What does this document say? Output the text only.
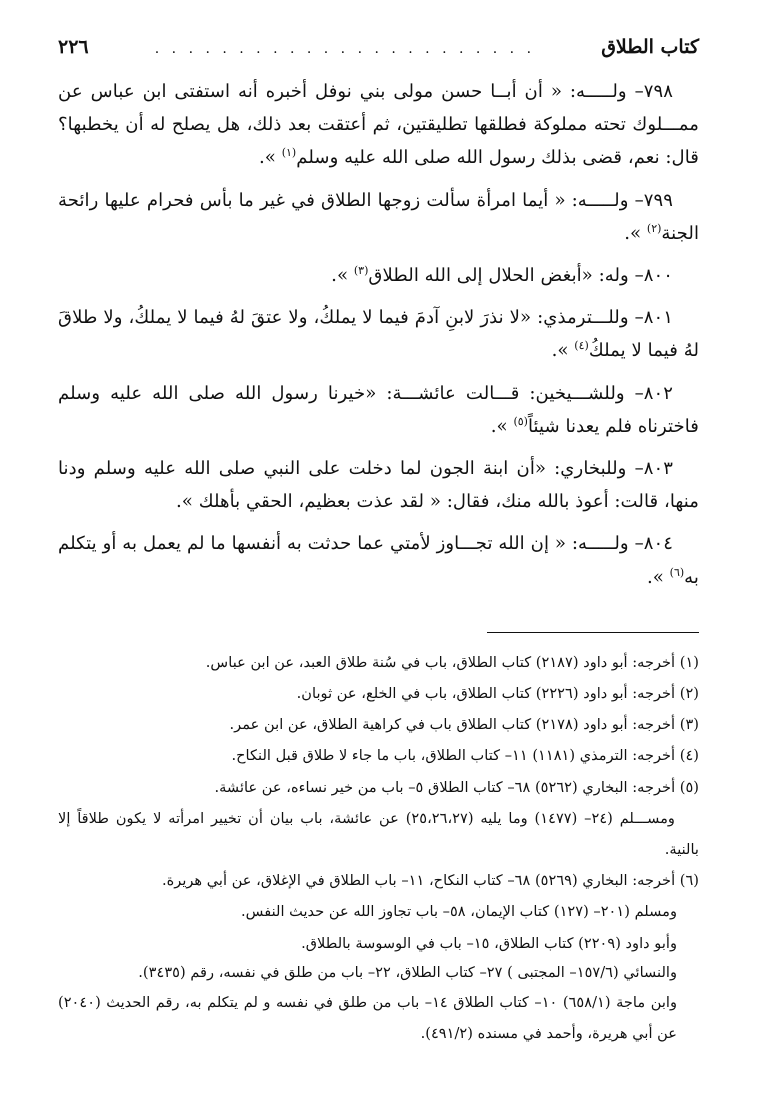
كتاب الطلاق
. . . . . . . . . . . . . . . . . . . . . . .
٢٢٦

٧٩٨– ولـــــه: « أن أبــا حسن مولى بني نوفل أخبره أنه استفتى ابن عباس عن ممـــلوك تحته مملوكة فطلقها تطليقتين، ثم أعتقت بعد ذلك، هل يصلح له أن يخطبها؟ قال: نعم، قضى بذلك رسول الله صلى الله عليه وسلم$^{(١)}$ ».

٧٩٩– ولـــــه: « أيما امرأة سألت زوجها الطلاق في غير ما بأس فحرام عليها رائحة الجنة$^{(٢)}$ ».

٨٠٠– وله: «أبغض الحلال إلى الله الطلاق$^{(٣)}$ ».

٨٠١– وللـــترمذي: «لا نذرَ لابنِ آدمَ فيما لا يملكُ، ولا عتقَ لهُ فيما لا يملكُ، ولا طلاقَ لهُ فيما لا يملكُ$^{(٤)}$ ».

٨٠٢– وللشـــيخين: قـــالت عائشـــة: «خيرنا رسول الله صلى الله عليه وسلم فاخترناه فلم يعدنا شيئاً$^{(٥)}$ ».

٨٠٣– وللبخاري: «أن ابنة الجون لما دخلت على النبي صلى الله عليه وسلم ودنا منها، قالت: أعوذ بالله منك، فقال: « لقد عذت بعظيم، الحقي بأهلك ».

٨٠٤– ولـــــه: « إن الله تجـــاوز لأمتي عما حدثت به أنفسها ما لم يعمل به أو يتكلم به$^{(٦)}$ ».

(١) أخرجه: أبو داود (٢١٨٧) كتاب الطلاق، باب في سُنة طلاق العبد، عن ابن عباس.

(٢) أخرجه: أبو داود (٢٢٢٦) كتاب الطلاق، باب في الخلع، عن ثوبان.

(٣) أخرجه: أبو داود (٢١٧٨) كتاب الطلاق باب في كراهية الطلاق، عن ابن عمر.

(٤) أخرجه: الترمذي (١١٨١) ١١– كتاب الطلاق، باب ما جاء لا طلاق قبل النكاح.

(٥) أخرجه: البخاري (٥٢٦٢) ٦٨– كتاب الطلاق ٥– باب من خير نساءه، عن عائشة.

ومســـلم (٢٤– (١٤٧٧) وما يليه (٢٥،٢٦،٢٧) عن عائشة، باب بيان أن تخيير امرأته لا يكون طلاقاً إلا بالنية.

(٦) أخرجه: البخاري (٥٢٦٩) ٦٨– كتاب النكاح، ١١– باب الطلاق في الإغلاق، عن أبي هريرة.

ومسلم (٢٠١– (١٢٧) كتاب الإيمان، ٥٨– باب تجاوز الله عن حديث النفس.

وأبو داود (٢٢٠٩) كتاب الطلاق، ١٥– باب في الوسوسة بالطلاق.

والنسائي (١٥٧/٦– المجتبى ) ٢٧– كتاب الطلاق، ٢٢– باب من طلق في نفسه، رقم (٣٤٣٥).

وابن ماجة (٦٥٨/١) ١٠– كتاب الطلاق ١٤– باب من طلق في نفسه و لم يتكلم به، رقم الحديث (٢٠٤٠) عن أبي هريرة، وأحمد في مسنده (٤٩١/٢).
